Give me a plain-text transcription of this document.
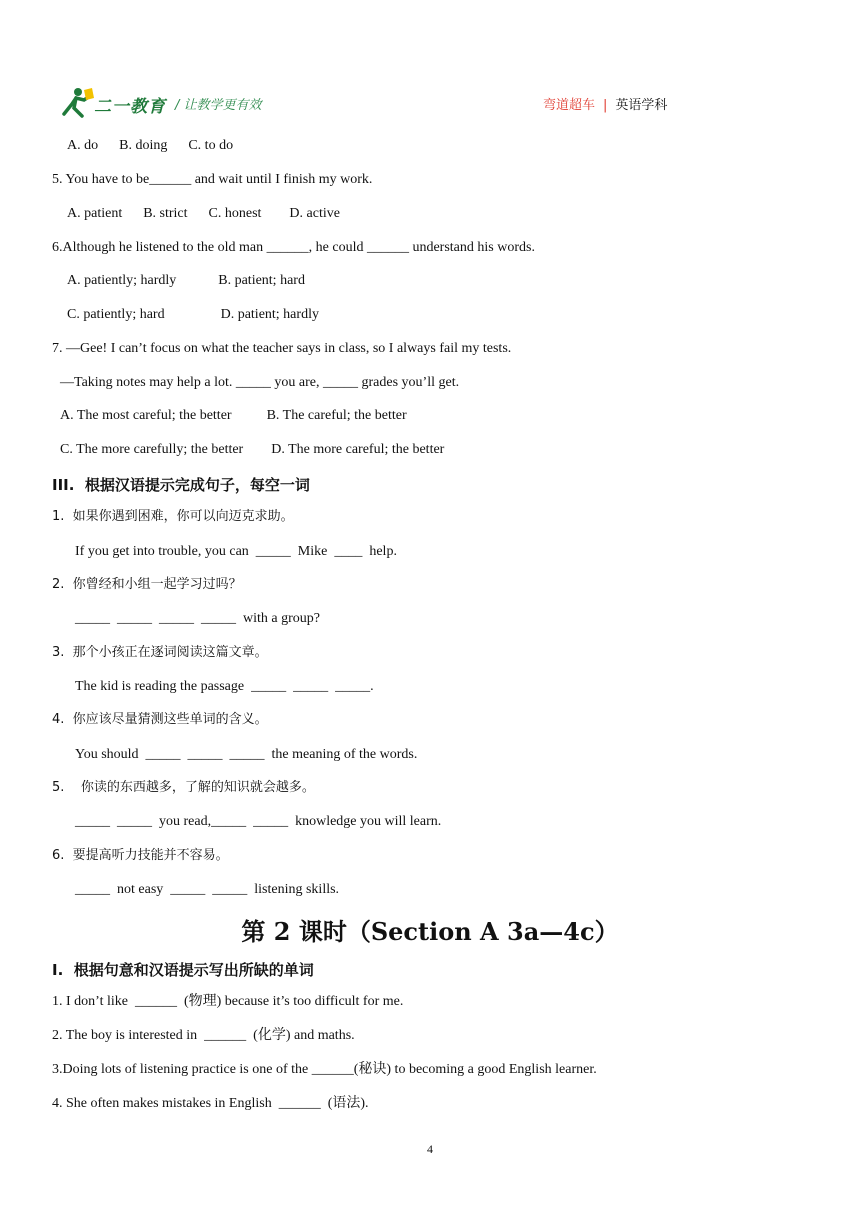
二一教育 / 让教学更有效	弯道超车 | 英语学科
A. do      B. doing      C. to do
5. You have to be______ and wait until I finish my work.
A. patient      B. strict      C. honest        D. active
6.Although he listened to the old man ______, he could ______ understand his words.
A. patiently; hardly            B. patient; hard
C. patiently; hard                D. patient; hardly
7. —Gee! I can’t focus on what the teacher says in class, so I always fail my tests.
—Taking notes may help a lot. _____ you are, _____ grades you’ll get.
A. The most careful; the better          B. The careful; the better
C. The more carefully; the better        D. The more careful; the better
III.  根据汉语提示完成句子，每空一词
1.  如果你遇到困难，你可以向迈克求助。
If you get into trouble, you can  _____  Mike  ____  help.
2.  你曾经和小组一起学习过吗？
_____  _____  _____  _____  with a group?
3.  那个小孩正在逐词阅读这篇文章。
The kid is reading the passage  _____  _____  _____.
4.  你应该尽量猜测这些单词的含义。
You should  _____  _____  _____  the meaning of the words.
5.    你读的东西越多，了解的知识就会越多。
_____  _____  you read,_____  _____  knowledge you will learn.
6.  要提高听力技能并不容易。
_____  not easy  _____  _____  listening skills.
第 2 课时（Section A 3a—4c）
I.  根据句意和汉语提示写出所缺的单词
1. I don’t like  ______  (物理) because it’s too difficult for me.
2. The boy is interested in  ______  (化学) and maths.
3.Doing lots of listening practice is one of the ______(秘诀) to becoming a good English learner.
4. She often makes mistakes in English  ______  (语法).
4
